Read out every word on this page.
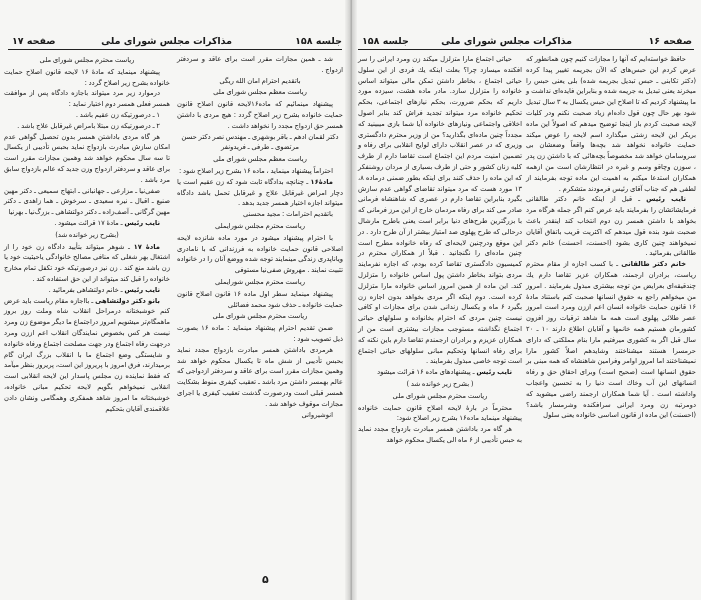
جلسه ۱۵۸
مذاکرات مجلس شورای ملی
صفحه ۱۷

شد ـ همین مجازات مقرر است برای عاقد و سردفتر ازدواج .

باتقدیم احترام امان الله ریگی

ریاست معظم مجلس شورای ملی

پیشنهاد مینمائیم که ماده۱۶لایحه قانون اصلاح قانون حمایت خانواده بشرح زیر اصلاح گردد : هیچ مردی با داشتن همسر حق ازدواج مجدد را نخواهد داشت .

دکتر لقمان ادهم ـ باقر بوشهری ـ مهندس نصر دکتر حسن مرتضوی ـ طرفی ـ فریدونفر

ریاست معظم مجلس شورای ملی

احتراماً پیشنهاد مینماید ، ماده ۱۶ بشرح زیر اصلاح شود :

مادهٔ۱۶ ـ چنانچه بدادگاه ثابت شود که زن عقیم است یا دچار امراض غیرقابل علاج و غیرقابل تحمل باشد دادگاه میتواند اجازه اختیار همسر جدید بدهد .

باتقدیم احترامات : مجید محسنی

ریاست محترم مجلس شورایملی

با احترام پیشنهاد میشود در مورد ماده شانزده لایحه اصلاحی قانون حمایت خانواده به فرزندانی که با نامادری ویاناپدری زندگی مینمایند توجه شده ووضع آنان را در خانواده تثبیت نمایند . مهروش صفی‌نیا مستوفی

ریاست محترم مجلس شورایملی

پیشنهاد مینماید سطر اول ماده ۱۶ قانون اصلاح قانون حمایت خانواده ـ حذف شود محمد فضائلی

ریاست محترم مجلس شورای ملی

ضمن تقدیم احترام پیشنهاد مینماید : ماده ۱۶ بصورت ذیل تصویب شود :

هرمردی باداشتن همسر مبادرت بازدواج مجدد نماید بحبس تأدیبی از شش ماه تا یکسال محکوم خواهد شد وهمین مجازات مقرر است برای عاقد و سردفتر ازدواجی که عالم بهمسر داشتن مرد باشد ـ تعقیب کیفری منوط بشکایت همسر قبلی است ودرصورت گذشت تعقیب کیفری یا اجرای مجازات موقوف خواهد شد .

انوشیروانی

ریاست محترم مجلس شورای ملی

پیشنهاد مینماید که مادهٔ ۱۶ لایحه قانون اصلاح حمایت خانواده بشرح زیر اصلاح گردد :

درموارد زیر مرد میتواند باجازه دادگاه پس از موافقت همسر فعلی همسر دوم اختیار نماید :

۱ ـ درصورتیکه زن عقیم باشد .

۲ ـ درصورتیکه زن مبتلا بامراض غیرقابل علاج باشد .

هر گاه مردی باداشتن همسر بدون تحصیل گواهی عدم امکان سازش مبادرت بازدواج نماید بحبس تأدیبی از یکسال تا سه سال محکوم خواهد شد وهمین مجازات مقرر است برای عاقد و سردفتر ازدواج وزن جدید که عالم بازدواج سابق مرد باشد .

صفی‌نیا ـ مزارعی ـ جهانبانی ـ ابتهاج سمیعی ـ دکتر مهین صنیع ـ اقبال ـ نیره سعیدی ـ سرخوش ـ هما زاهدی ـ دکتر مهین گرگانی ـ آصف‌زاده ـ دکتر دولتشاهی ـ بزرگ‌نیا ـ بهرنیا

نایب رئیس ـ مادهٔ ۱۷ قرائت میشود .

(بشرح زیر خوانده شد)

مادهٔ ۱۷ ـ شوهر میتواند بتأیید دادگاه زن خود را از اشتغال بهر شغلی که منافی مصالح خانوادگی یاحیثیت خود یا زن باشد منع کند . زن نیز درصورتیکه خود تکفل تمام مخارج خانواده را قبل کند میتواند از این حق استفاده کند .

نایب رئیس ـ خانم دولتشاهی بفرمائید .

بانو دکتر دولتشاهی ـ بااجازه مقام ریاست باید عرض کنم خوشبختانه درمراحل انقلاب شاه وملت روز بروز ماهمگام‌تر میشویم امروز دراجتماع ما دیگر موضوع زن ومرد نیست هر کس بخصوص نمایندگان انقلاب اعم اززن ومرد درجهت رفاه اجتماع ودر جهت مصلحت اجتماع ورفاه خانواده و شایستگی وضع اجتماع ما با انقلاب بزرگ ایران گام برمیدارند، فرق امروز با پریروز این است، پریروز بنظر میآمد که فقط نماینده زن مجلس پاسدار این لایحه انقلابی است انقلابی نمیخواهم بگویم لایحه تحکیم مبانی خانواده، خوشبختانه ما امروز شاهد همفکری وهمگامی ونشان دادن علاقمندی آقایان بتحکیم

۵
صفحه ۱۶
مذاکرات مجلس شورای ملی
جلسه ۱۵۸

حیاتی اجتماع مارا متزلزل میکند زن ومرد ایرانی را سر افکنده میسازد چرا؟ بعلت اینکه یك فردی از این سلول حیاتی اجتماع ، بخاطر داشتن تمکن مالی میتواند اساس خانواده را متزلزل سازد. مادر ماده هشت، سیزده مورد داریم که بحکم ضرورت، بحکم نیازهای اجتماعی، بحکم تحکیم خانواده مرد میتواند تجدید فراش کند بنابر اصول اخلاقی واجتماعی ونیازهای خانواده آیا شما بازی میبینید که مجدداً چنین ماده‌ای بگذارید؟ من از وزیر محترم دادگستری وزیری که در عصر انقلاب دارای لوایح انقلابی برای رفاه و تضمین امنیت مردم این اجتماع است تقاضا دارم از طرف کلیه زنان کشور و حتی از طرف بسیاری از مردان روشنفکر که این ماده را حذف کنند برای اینکه بطور ضمنی درماده ۸، ۱۳ مورد هست که مرد میتواند تقاضای گواهی عدم سازش بگیرد بنابراین تقاضا دارم در عصری که شاهنشاه فرمانی صادر می کند برای رفاه مردمان خارج از این مرز فرمانی که با بزرگترین طرح‌های دنیا برابر است یعنی باطرح مارشال درحالی که طرح پهلوی صد امتیاز بیشتر از آن طرح دارد . در این موقع ودرچنین لایحه‌ای که رفاه خانواده مطرح است چنین ماده‌ای را نگنجانید . قبلاً از همکاران محترم در کمیسیون دادگستری تقاضا کرده بودم، که اجازه نفرمایند مردی بتواند بخاطر داشتن پول اساس خانواده را متزلزل کند. این ماده از همین امروز اساس خانواده مارا متزلزل کرده است. دوم اینکه اگر مردی بخواهد بدون اجازه زن بگیرد ۶ ماه و یکسال زندانی شدن برای مجازات او کافی نیست چنین مردی که احترام بخانواده و سلولهای حیاتی اجتماع نگذاشته مستوجب مجازات بیشتری است من از همکاران عزیزم و برادران ارجمندم تقاضا دارم باین نکته که برای رفاه انسانها وتحکیم مبانی سلولهای حیاتی اجتماع است توجه خاصی مبذول بفرمایند .

نایب رئیس ـ پیشنهادهای ماده ۱۶ قرائت میشود

( بشرح زیر خوانده شد )

ریاست محترم مجلس شورای ملی

محترماً در بارهٔ لایحه اصلاح قانون حمایت خانواده پیشنهاد مینماید ماده۱۶ بشرح زیر اصلاح شود:

هر گاه مرد باداشتن همسر مبادرت بازدواج مجدد نماید به حبس تأدیبی از ۶ ماه الی یکسال محکوم خواهد

حافظ خواسته‌ایم که آنها را مجازات کنیم چون همانطور که عرض کردم این حبس‌های که الآن بجریمه تغییر پیدا کرده (دکتر تکابنی ـ حبس تبدیل بجریمه شده) بلی یعنی حبس را میخرند یعنی تبدیل به جریمه شده و بنابراین فایده‌ای نداشت و ما پیشنهاد کردیم که تا اصلاح این حبس یکسال به ۳ سال تبدیل شود بهر حال چون قول داده‌ام زیاد صحبت نکنم ودر کلیات لایحه صحبت کردم باز اینجا توضیح میدهم که اصولاً این ماده بریکر این لایحه زشتی میگذارد اسم لایحه را عوض میکند حمایت خانواده نخواهد شد بچه‌ها واقعاً وضعشان بی سروسامان خواهد شد مخصوصاً بچه‌هائی که با داشتن زن پدر ، سوزن وچاقو وسم و غیره در انتظارشان است من ازهمه همکاران استدعا میکنم به اهمیت این ماده توجه بفرمایند از لطفی هم که جناب آقای رئیس فرمودند متشکرم .

نایب رئیس ـ قبل از اینکه خانم دکتر طالقانی فرمایشاتشان را بفرمایند باید عرض کنم اگر جمله هرگاه مرد بخواهد با داشتن همسر زن دوم انتخاب کند اینقدر باعث صحبت شود بنده قول میدهم که اکثریت قریب باتفاق آقایان نمیخواهند چنین کاری بشود (احسنت، احسنت) خانم دکتر طالقانی بفرمائید .

خانم دکتر طالقانی ـ با کسب اجازه از مقام محترم ریاست، برادران ارجمند، همکاران عزیز تقاضا دارم یك چندقیقه‌ای بعرایض من توجه بیشتری مبذول بفرمایند . امروز من میخواهم راجع به حقوق انسانها صحبت کنم باستناد مادهٔ ۱۶ قانون حمایت خانواده انسان اعم اززن ومرد است امروز عصر طلائی پهلوی است همه ما شاهد ترقیات روز افزون کشورمان هستیم همه خانمها و آقایان اطلاع دارند ۱۰ ـ ۲۰ سال قبل اگر به کشوری میرفتیم مارا بنام مملکتی که دارای حرمسرا هستند میشناختند وشایدهم اصلاً کشور مارا نمیشناختند اما امروز اوامر وفرامین شاهنشاه که همه مبنی بر حقوق انسانها است (صحیح است) وبرای احقاق حق و رفاه انسانهای این آب وخاك است دنیا را به تحسین واعجاب واداشته است . آیا شما همکاران ارجمند راضی میشوید که دومرتبه زن ومرد ایرانی سرافکنده وشرمسار باشد؟ (احسنت) این ماده از قانون اساسی خانواده یعنی سلول
